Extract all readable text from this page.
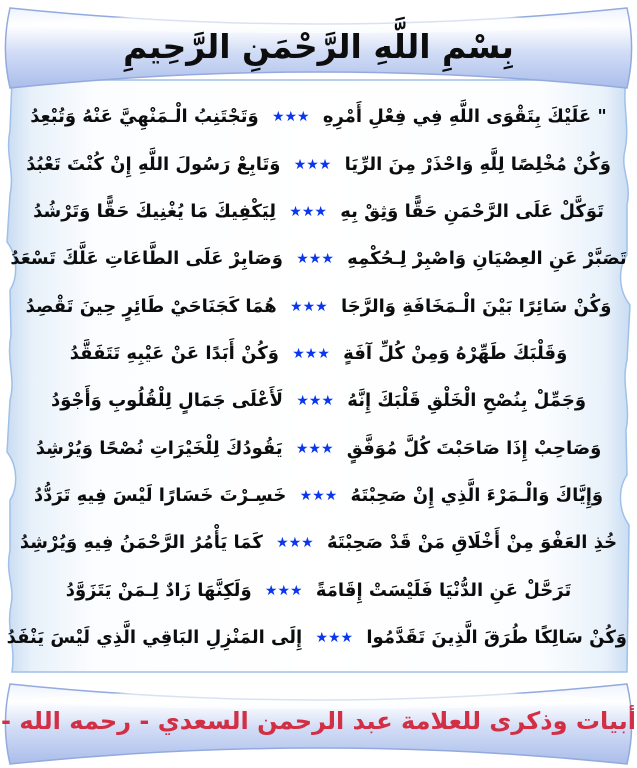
بِسْمِ اللَّهِ الرَّحْمَنِ الرَّحِيمِ
" عَلَيْكَ بِتَقْوَى اللَّهِ فِي فِعْلِ أَمْرِهِ ★★★ وَتَجْتَنِبُ الْـمَنْهِيَّ عَنْهُ وَتُبْعِدُ
وَكُنْ مُخْلِصًا لِلَّهِ وَاحْذَرْ مِنَ الرِّيَا ★★★ وَتَابِعْ رَسُولَ اللَّهِ إِنْ كُنْتَ تَعْبُدُ
تَوَكَّلْ عَلَى الرَّحْمَنِ حَقًّا وَثِقْ بِهِ ★★★ لِيَكْفِيكَ مَا يُغْنِيكَ حَقًّا وَتَرْشُدُ
تَصَبَّرْ عَنِ العِصْيَانِ وَاصْبِرْ لِـحُكْمِهِ ★★★ وَصَابِرْ عَلَى الطَّاعَاتِ عَلَّكَ تَسْعَدُ
وَكُنْ سَائِرًا بَيْنَ الْـمَخَافَةِ وَالرَّجَا ★★★ هُمَا كَجَنَاحَيْ طَائِرٍ حِينَ تَقْصِدُ
وَقَلْبَكَ طَهِّرْهُ وَمِنْ كُلِّ آفَةٍ ★★★ وَكُنْ أَبَدًا عَنْ عَيْبِهِ تَتَفَقَّدُ
وَجَمِّلْ بِنُصْحِ الْخَلْقِ قَلْبَكَ إِنَّهُ ★★★ لَأَعْلَى جَمَالٍ لِلْقُلُوبِ وَأَجْوَدُ
وَصَاحِبْ إِذَا صَاحَبْتَ كُلَّ مُوَفَّقٍ ★★★ يَقُودُكَ لِلْخَيْرَاتِ نُصْحًا وَيُرْشِدُ
وَإِيَّاكَ وَالْـمَرْءَ الَّذِي إِنْ صَحِبْتَهُ ★★★ خَسِـرْتَ خَسَارًا لَيْسَ فِيهِ تَرَدُّدُ
خُذِ العَفْوَ مِنْ أَخْلَاقِ مَنْ قَدْ صَحِبْتَهُ ★★★ كَمَا يَأْمُرُ الرَّحْمَنُ فِيهِ وَيُرْشِدُ
تَرَحَّلْ عَنِ الدُّنْيَا فَلَيْسَتْ إِقَامَةً ★★★ وَلَكِنَّهَا زَادٌ لِـمَنْ يَتَزَوَّدُ
وَكُنْ سَالِكًا طُرَقَ الَّذِينَ تَقَدَّمُوا ★★★ إِلَى المَنْزِلِ البَاقِي الَّذِي لَيْسَ يَنْفَدُ
أبيات وذكرى للعلامة عبد الرحمن السعدي - رحمه الله -
